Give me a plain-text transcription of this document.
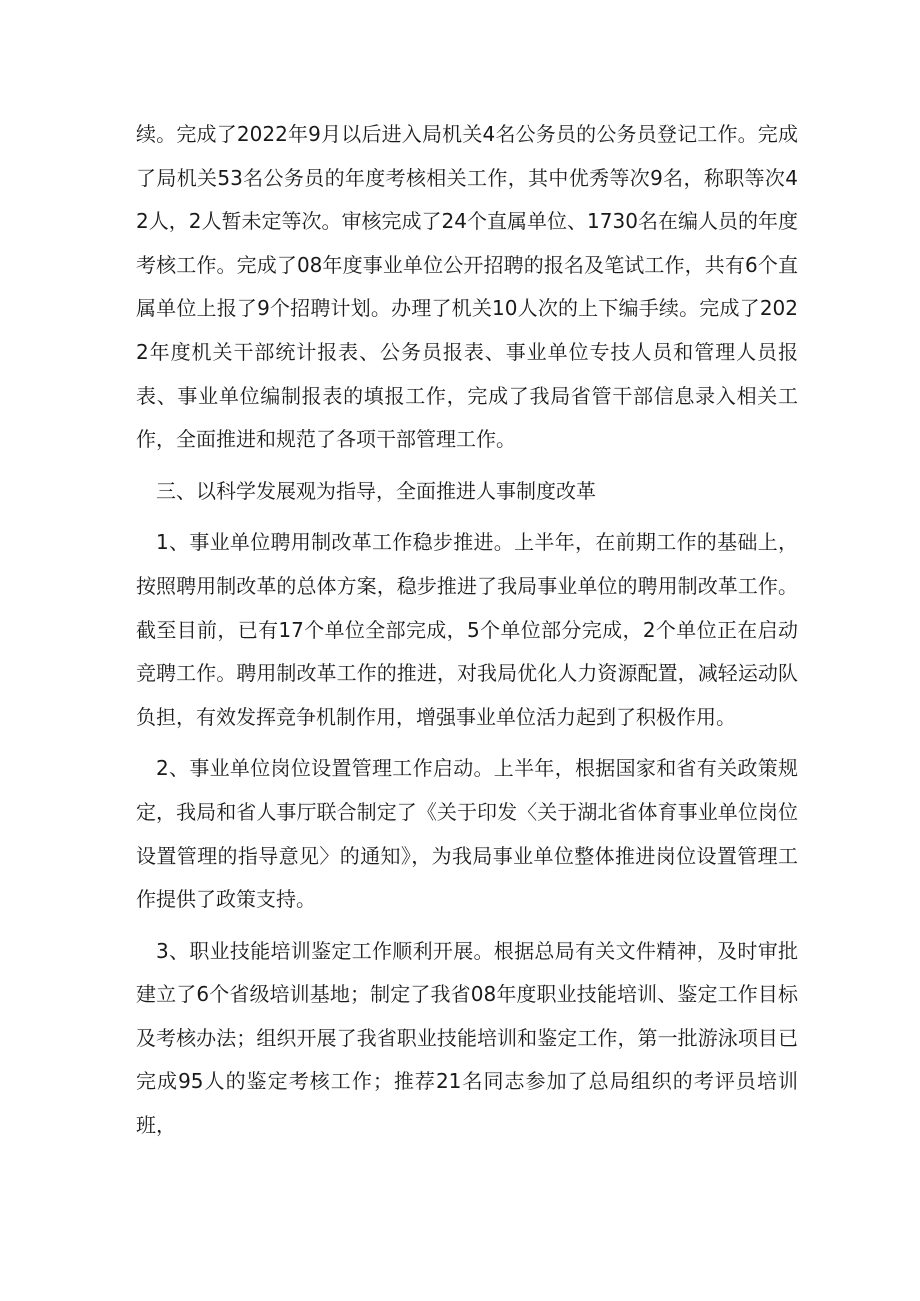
续。完成了2022年9月以后进入局机关4名公务员的公务员登记工作。完成了局机关53名公务员的年度考核相关工作，其中优秀等次9名，称职等次42人，2人暂未定等次。审核完成了24个直属单位、1730名在编人员的年度考核工作。完成了08年度事业单位公开招聘的报名及笔试工作，共有6个直属单位上报了9个招聘计划。办理了机关10人次的上下编手续。完成了2022年度机关干部统计报表、公务员报表、事业单位专技人员和管理人员报表、事业单位编制报表的填报工作，完成了我局省管干部信息录入相关工作，全面推进和规范了各项干部管理工作。

三、以科学发展观为指导，全面推进人事制度改革

1、事业单位聘用制改革工作稳步推进。上半年，在前期工作的基础上，按照聘用制改革的总体方案，稳步推进了我局事业单位的聘用制改革工作。截至目前，已有17个单位全部完成，5个单位部分完成，2个单位正在启动竞聘工作。聘用制改革工作的推进，对我局优化人力资源配置，减轻运动队负担，有效发挥竞争机制作用，增强事业单位活力起到了积极作用。

2、事业单位岗位设置管理工作启动。上半年，根据国家和省有关政策规定，我局和省人事厅联合制定了《关于印发〈关于湖北省体育事业单位岗位设置管理的指导意见〉的通知》，为我局事业单位整体推进岗位设置管理工作提供了政策支持。

3、职业技能培训鉴定工作顺利开展。根据总局有关文件精神，及时审批建立了6个省级培训基地；制定了我省08年度职业技能培训、鉴定工作目标及考核办法；组织开展了我省职业技能培训和鉴定工作，第一批游泳项目已完成95人的鉴定考核工作；推荐21名同志参加了总局组织的考评员培训班，
